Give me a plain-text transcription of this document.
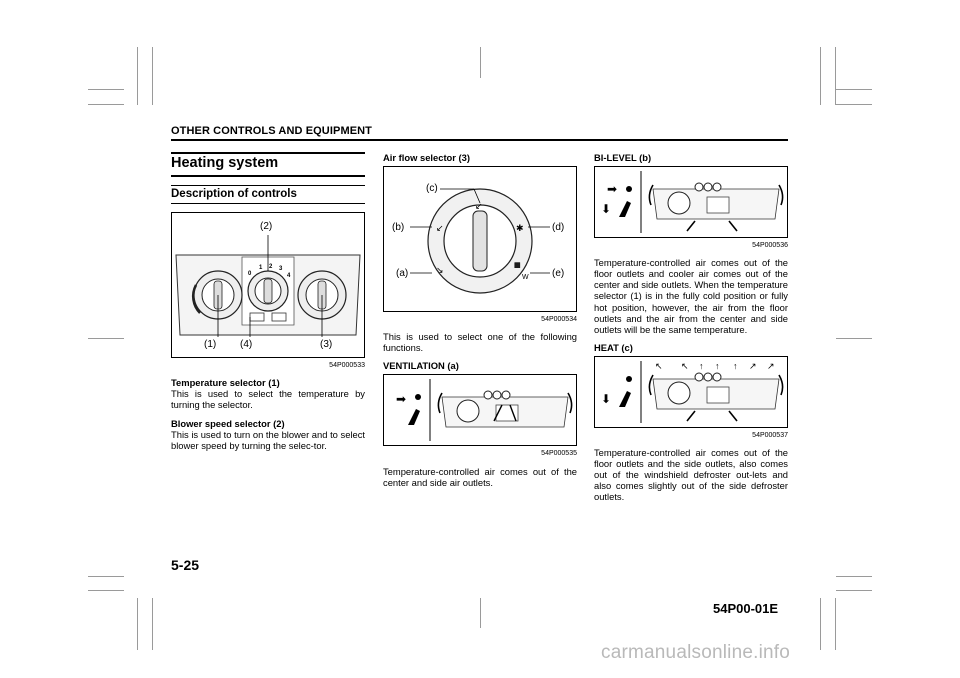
OTHER CONTROLS AND EQUIPMENT
Heating system
Description of controls
0
1 2 3
4
(2)
(1) (4)	(3)
54P000533

Temperature selector (1)
This is used to select the temperature by turning the selector.

Blower speed selector (2)
This is used to turn on the blower and to select blower speed by turning the selec-tor.

Air flow selector (3)
↙
↙	✱
↘	▦
W
(c)
(b)	(d)
(a)	(e)
54P000534

This is used to select one of the following functions.

VENTILATION (a)
➡
54P000535

Temperature-controlled air comes out of the center and side air outlets.

BI-LEVEL (b)
➡
⬇
54P000536

Temperature-controlled air comes out of the floor outlets and cooler air comes out of the center and side outlets. When the temperature selector (1) is in the fully cold position or fully hot position, however, the air from the floor outlets and the air from the center and side outlets will be the same temperature.

HEAT (c)
⬇
↖ ↖ ↑ ↑ ↑ ↗ ↗
54P000537

Temperature-controlled air comes out of the floor outlets and the side outlets, also comes out of the windshield defroster out-lets and also comes slightly out of the side defroster outlets.

5-25
54P00-01E
carmanualsonline.info
